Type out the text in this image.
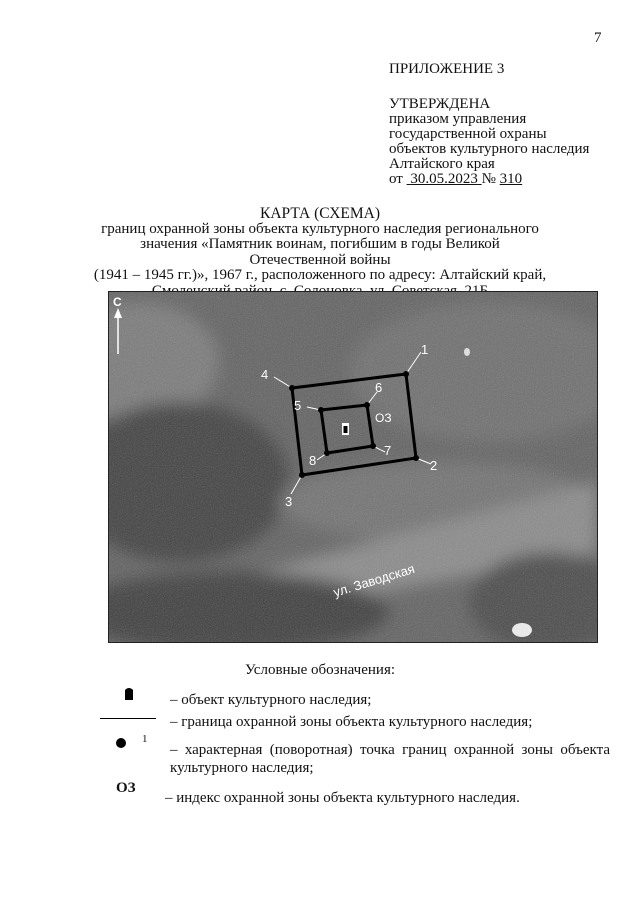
7
ПРИЛОЖЕНИЕ 3
УТВЕРЖДЕНА
приказом управления
государственной охраны
объектов культурного наследия
Алтайского края
от 30.05.2023 № 310
КАРТА (СХЕМА)
границ охранной зоны объекта культурного наследия регионального
значения «Памятник воинам, погибшим в годы Великой Отечественной войны
(1941 – 1945 гг.)», 1967 г., расположенного по адресу: Алтайский край,
С
1
2
3
4
5
6
7
8
ОЗ
ул. Заводская
Условные обозначения:
– объект культурного наследия;
– граница охранной зоны объекта культурного наследия;
1
– характерная (поворотная) точка границ охранной зоны объекта
культурного наследия;
ОЗ
– индекс охранной зоны объекта культурного наследия.
